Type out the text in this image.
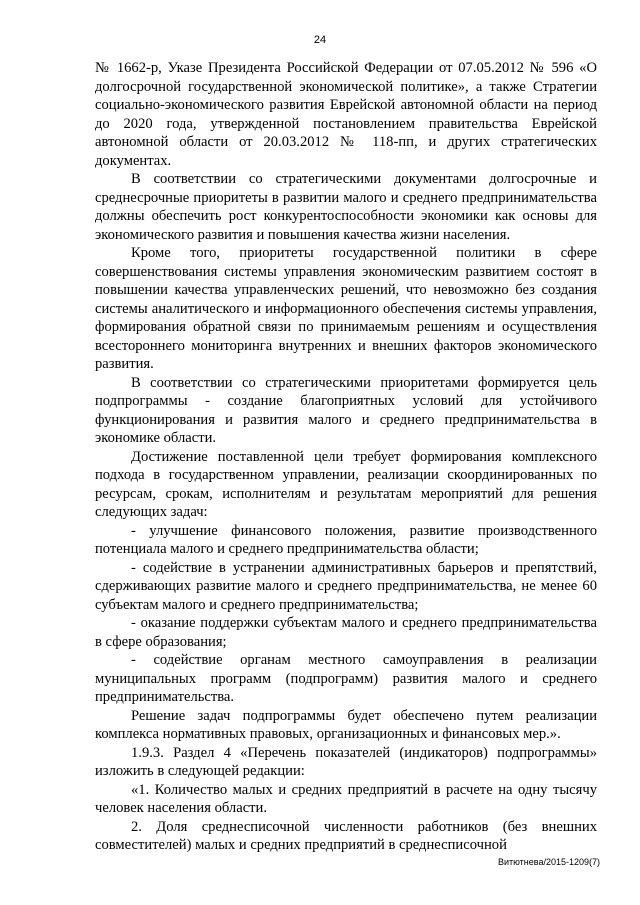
24

№ 1662-р, Указе Президента Российской Федерации от 07.05.2012 № 596 «О долгосрочной государственной экономической политике», а также Стратегии социально-экономического развития Еврейской автономной области на период до 2020 года, утвержденной постановлением правительства Еврейской автономной области от 20.03.2012 № 118-пп, и других стратегических документах.

В соответствии со стратегическими документами долгосрочные и среднесрочные приоритеты в развитии малого и среднего предпринимательства должны обеспечить рост конкурентоспособности экономики как основы для экономического развития и повышения качества жизни населения.

Кроме того, приоритеты государственной политики в сфере совершенствования системы управления экономическим развитием состоят в повышении качества управленческих решений, что невозможно без создания системы аналитического и информационного обеспечения системы управления, формирования обратной связи по принимаемым решениям и осуществления всестороннего мониторинга внутренних и внешних факторов экономического развития.

В соответствии со стратегическими приоритетами формируется цель подпрограммы - создание благоприятных условий для устойчивого функционирования и развития малого и среднего предпринимательства в экономике области.

Достижение поставленной цели требует формирования комплексного подхода в государственном управлении, реализации скоординированных по ресурсам, срокам, исполнителям и результатам мероприятий для решения следующих задач:

- улучшение финансового положения, развитие производственного потенциала малого и среднего предпринимательства области;

- содействие в устранении административных барьеров и препятствий, сдерживающих развитие малого и среднего предпринимательства, не менее 60 субъектам малого и среднего предпринимательства;

- оказание поддержки субъектам малого и среднего предпринимательства в сфере образования;

- содействие органам местного самоуправления в реализации муниципальных программ (подпрограмм) развития малого и среднего предпринимательства.

Решение задач подпрограммы будет обеспечено путем реализации комплекса нормативных правовых, организационных и финансовых мер.».

1.9.3. Раздел 4 «Перечень показателей (индикаторов) подпрограммы» изложить в следующей редакции:

«1. Количество малых и средних предприятий в расчете на одну тысячу человек населения области.

2. Доля среднесписочной численности работников (без внешних совместителей) малых и средних предприятий в среднесписочной

Витютнева/2015-1209(7)
